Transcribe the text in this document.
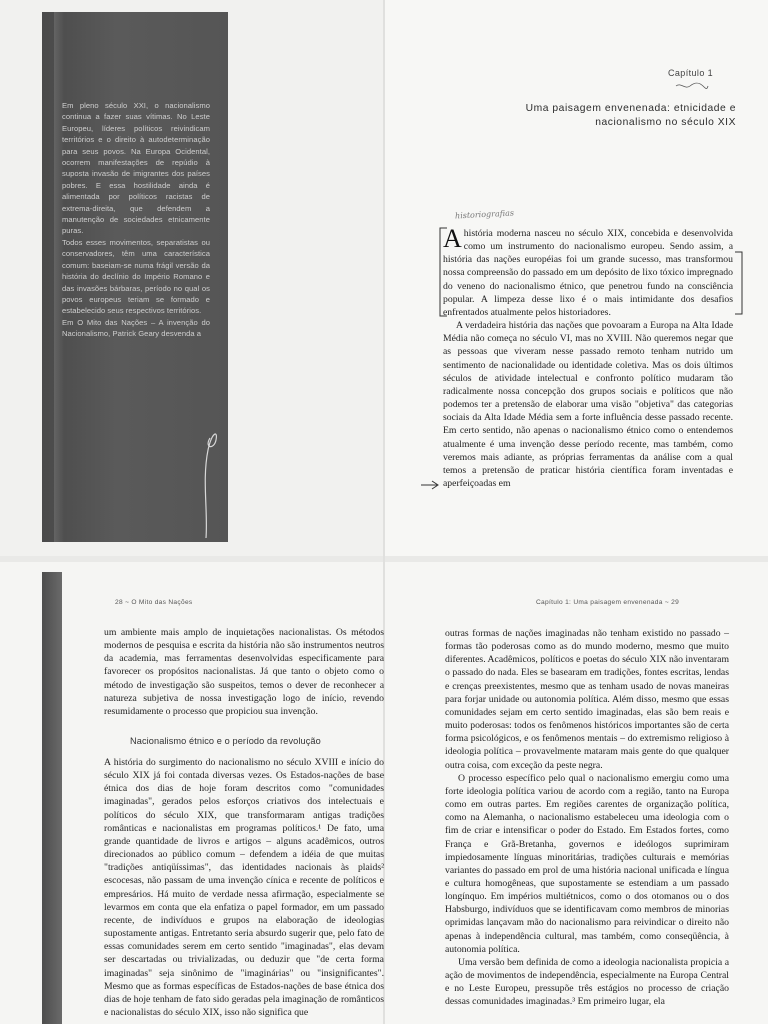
Em pleno século XXI, o nacionalismo continua a fazer suas vítimas. No Leste Europeu, líderes políticos reivindicam territórios e o direito à autodeterminação para seus povos. Na Europa Ocidental, ocorrem manifestações de repúdio à suposta invasão de imigrantes dos países pobres. E essa hostilidade ainda é alimentada por políticos racistas de extrema-direita, que defendem a manutenção de sociedades etnicamente puras.

Todos esses movimentos, separatistas ou conservadores, têm uma característica comum: baseiam-se numa frágil versão da história do declínio do Império Romano e das invasões bárbaras, período no qual os povos europeus teriam se formado e estabelecido seus respectivos territórios.

Em O Mito das Nações – A invenção do Nacionalismo, Patrick Geary desvenda a

Capítulo 1
Uma paisagem envenenada: etnicidade e
nacionalismo no século XIX
historiografias

A história moderna nasceu no século XIX, concebida e desenvolvida como um instrumento do nacionalismo europeu. Sendo assim, a história das nações européias foi um grande sucesso, mas transformou nossa compreensão do passado em um depósito de lixo tóxico impregnado do veneno do nacionalismo étnico, que penetrou fundo na consciência popular. A limpeza desse lixo é o mais intimidante dos desafios enfrentados atualmente pelos historiadores.

A verdadeira história das nações que povoaram a Europa na Alta Idade Média não começa no século VI, mas no XVIII. Não queremos negar que as pessoas que viveram nesse passado remoto tenham nutrido um sentimento de nacionalidade ou identidade coletiva. Mas os dois últimos séculos de atividade intelectual e confronto político mudaram tão radicalmente nossa concepção dos grupos sociais e políticos que não podemos ter a pretensão de elaborar uma visão "objetiva" das categorias sociais da Alta Idade Média sem a forte influência desse passado recente. Em certo sentido, não apenas o nacionalismo étnico como o entendemos atualmente é uma invenção desse período recente, mas também, como veremos mais adiante, as próprias ferramentas da análise com a qual temos a pretensão de praticar história científica foram inventadas e aperfeiçoadas em

28 ~ O Mito das Nações

um ambiente mais amplo de inquietações nacionalistas. Os métodos modernos de pesquisa e escrita da história não são instrumentos neutros da academia, mas ferramentas desenvolvidas especificamente para favorecer os propósitos nacionalistas. Já que tanto o objeto como o método de investigação são suspeitos, temos o dever de reconhecer a natureza subjetiva de nossa investigação logo de início, revendo resumidamente o processo que propiciou sua invenção.

Nacionalismo étnico e o período da revolução

A história do surgimento do nacionalismo no século XVIII e início do século XIX já foi contada diversas vezes. Os Estados-nações de base étnica dos dias de hoje foram descritos como "comunidades imaginadas", gerados pelos esforços criativos dos intelectuais e políticos do século XIX, que transformaram antigas tradições românticas e nacionalistas em programas políticos.¹ De fato, uma grande quantidade de livros e artigos – alguns acadêmicos, outros direcionados ao público comum – defendem a idéia de que muitas "tradições antiqüíssimas", das identidades nacionais às plaids² escocesas, não passam de uma invenção cínica e recente de políticos e empresários. Há muito de verdade nessa afirmação, especialmente se levarmos em conta que ela enfatiza o papel formador, em um passado recente, de indivíduos e grupos na elaboração de ideologias supostamente antigas. Entretanto seria absurdo sugerir que, pelo fato de essas comunidades serem em certo sentido "imaginadas", elas devam ser descartadas ou trivializadas, ou deduzir que "de certa forma imaginadas" seja sinônimo de "imaginárias" ou "insignificantes". Mesmo que as formas específicas de Estados-nações de base étnica dos dias de hoje tenham de fato sido geradas pela imaginação de românticos e nacionalistas do século XIX, isso não significa que

Capítulo 1: Uma paisagem envenenada ~ 29

outras formas de nações imaginadas não tenham existido no passado – formas tão poderosas como as do mundo moderno, mesmo que muito diferentes. Acadêmicos, políticos e poetas do século XIX não inventaram o passado do nada. Eles se basearam em tradições, fontes escritas, lendas e crenças preexistentes, mesmo que as tenham usado de novas maneiras para forjar unidade ou autonomia política. Além disso, mesmo que essas comunidades sejam em certo sentido imaginadas, elas são bem reais e muito poderosas: todos os fenômenos históricos importantes são de certa forma psicológicos, e os fenômenos mentais – do extremismo religioso à ideologia política – provavelmente mataram mais gente do que qualquer outra coisa, com exceção da peste negra.

O processo específico pelo qual o nacionalismo emergiu como uma forte ideologia política variou de acordo com a região, tanto na Europa como em outras partes. Em regiões carentes de organização política, como na Alemanha, o nacionalismo estabeleceu uma ideologia com o fim de criar e intensificar o poder do Estado. Em Estados fortes, como França e Grã-Bretanha, governos e ideólogos suprimiram impiedosamente línguas minoritárias, tradições culturais e memórias variantes do passado em prol de uma história nacional unificada e língua e cultura homogêneas, que supostamente se estendiam a um passado longínquo. Em impérios multiétnicos, como o dos otomanos ou o dos Habsburgo, indivíduos que se identificavam como membros de minorias oprimidas lançavam mão do nacionalismo para reivindicar o direito não apenas à independência cultural, mas também, como conseqüência, à autonomia política.

Uma versão bem definida de como a ideologia nacionalista propicia a ação de movimentos de independência, especialmente na Europa Central e no Leste Europeu, pressupõe três estágios no processo de criação dessas comunidades imaginadas.³ Em primeiro lugar, ela
